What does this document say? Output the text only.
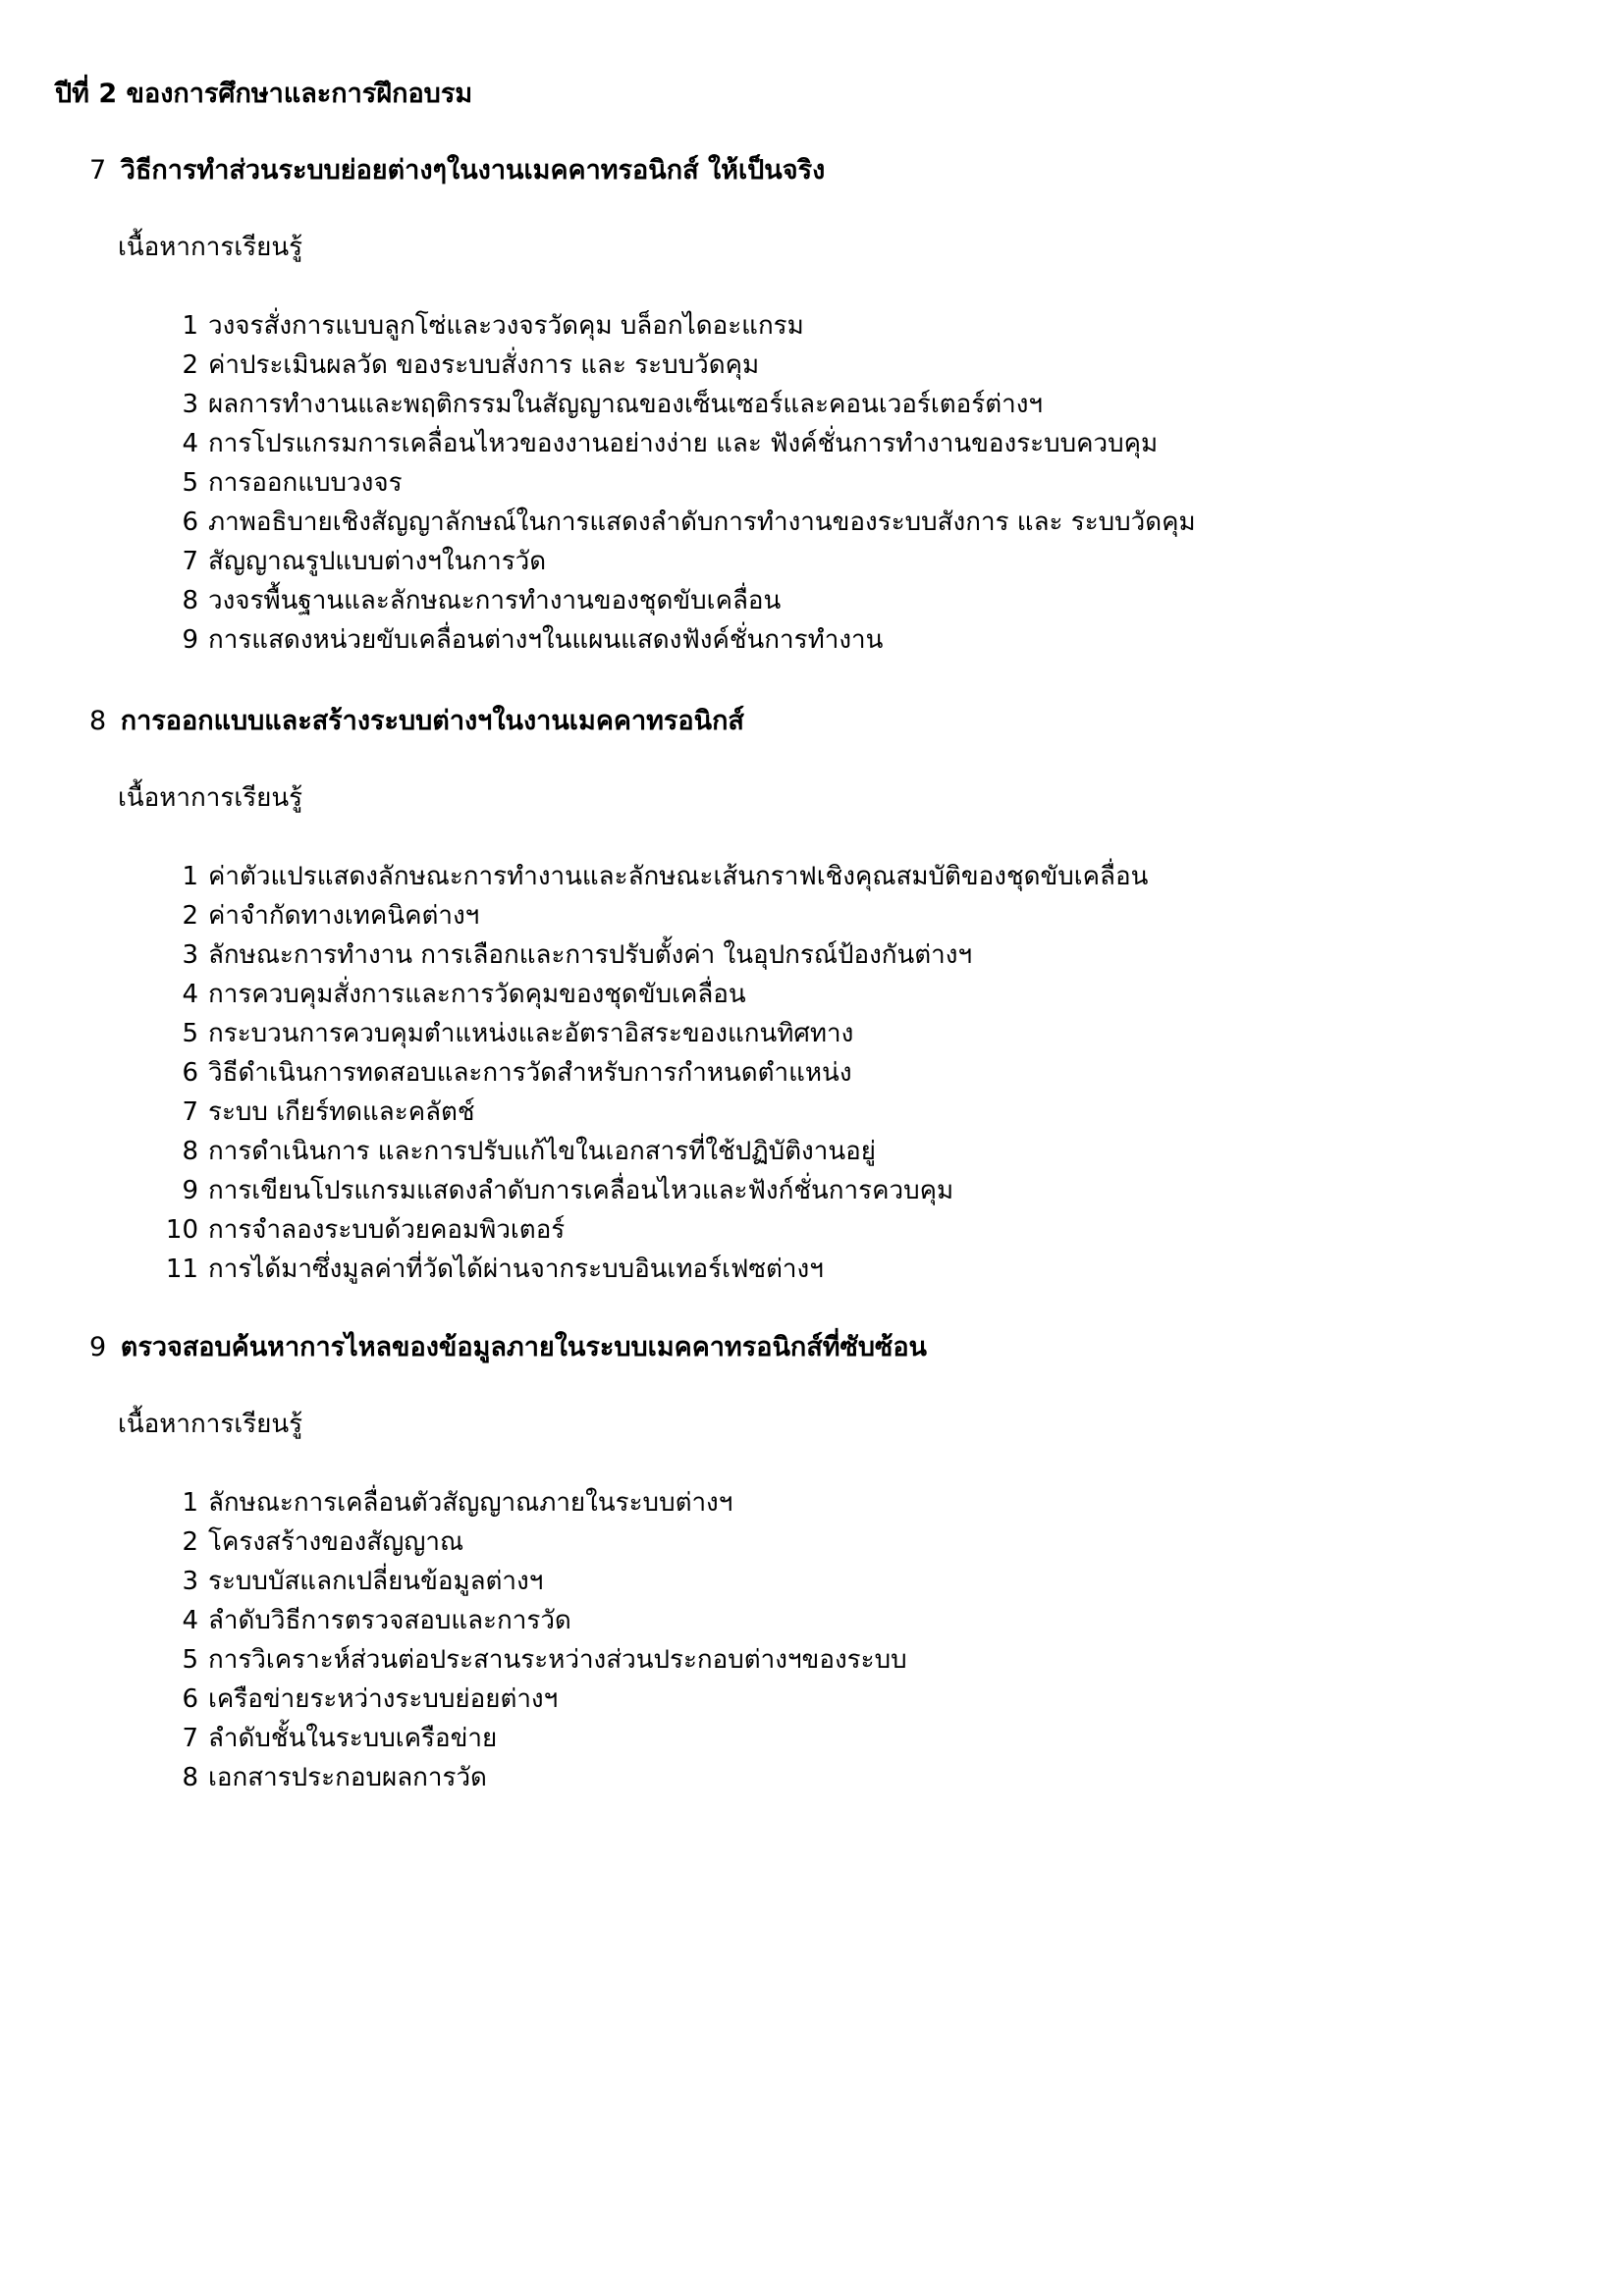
ปีที่ 2 ของการศึกษาและการฝึกอบรม
7 วิธีการทำส่วนระบบย่อยต่างๆในงานเมคคาทรอนิกส์ ให้เป็นจริง
เนื้อหาการเรียนรู้
1 วงจรสั่งการแบบลูกโซ่และวงจรวัดคุม บล็อกไดอะแกรม
2 ค่าประเมินผลวัด ของระบบสั่งการ และ ระบบวัดคุม
3 ผลการทำงานและพฤติกรรมในสัญญาณของเซ็นเซอร์และคอนเวอร์เตอร์ต่างฯ
4 การโปรแกรมการเคลื่อนไหวของงานอย่างง่าย และ ฟังค์ชั่นการทำงานของระบบควบคุม
5 การออกแบบวงจร
6 ภาพอธิบายเชิงสัญญาลักษณ์ในการแสดงลำดับการทำงานของระบบสังการ และ ระบบวัดคุม
7 สัญญาณรูปแบบต่างฯในการวัด
8 วงจรพื้นฐานและลักษณะการทำงานของชุดขับเคลื่อน
9 การแสดงหน่วยขับเคลื่อนต่างฯในแผนแสดงฟังค์ชั่นการทำงาน
8 การออกแบบและสร้างระบบต่างฯในงานเมคคาทรอนิกส์
เนื้อหาการเรียนรู้
1 ค่าตัวแปรแสดงลักษณะการทำงานและลักษณะเส้นกราฟเชิงคุณสมบัติของชุดขับเคลื่อน
2 ค่าจำกัดทางเทคนิคต่างฯ
3 ลักษณะการทำงาน การเลือกและการปรับตั้งค่า ในอุปกรณ์ป้องกันต่างฯ
4 การควบคุมสั่งการและการวัดคุมของชุดขับเคลื่อน
5 กระบวนการควบคุมตำแหน่งและอัตราอิสระของแกนทิศทาง
6 วิธีดำเนินการทดสอบและการวัดสำหรับการกำหนดตำแหน่ง
7 ระบบ เกียร์ทดและคลัตช์
8 การดำเนินการ และการปรับแก้ไขในเอกสารที่ใช้ปฏิบัติงานอยู่
9 การเขียนโปรแกรมแสดงลำดับการเคลื่อนไหวและฟังก์ชั่นการควบคุม
10 การจำลองระบบด้วยคอมพิวเตอร์
11 การได้มาซึ่งมูลค่าที่วัดได้ผ่านจากระบบอินเทอร์เฟซต่างฯ
9 ตรวจสอบค้นหาการไหลของข้อมูลภายในระบบเมคคาทรอนิกส์ที่ซับซ้อน
เนื้อหาการเรียนรู้
1 ลักษณะการเคลื่อนตัวสัญญาณภายในระบบต่างฯ
2 โครงสร้างของสัญญาณ
3 ระบบบัสแลกเปลี่ยนข้อมูลต่างฯ
4 ลำดับวิธีการตรวจสอบและการวัด
5 การวิเคราะห์ส่วนต่อประสานระหว่างส่วนประกอบต่างฯของระบบ
6 เครือข่ายระหว่างระบบย่อยต่างฯ
7 ลำดับชั้นในระบบเครือข่าย
8 เอกสารประกอบผลการวัด
